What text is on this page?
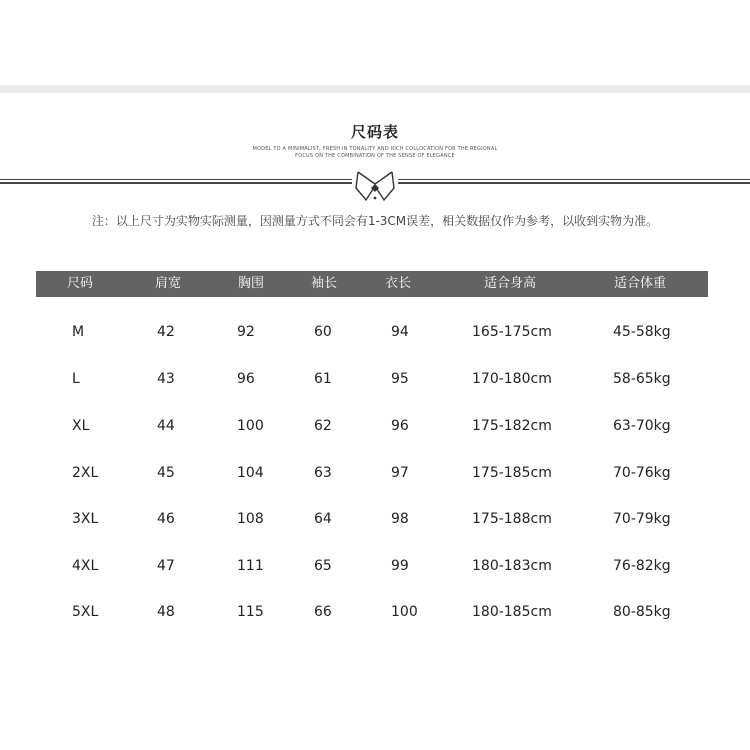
尺码表
MODEL TO A MINIMALIST, FRESH IN TONALITY AND RICH COLLOCATION FOR THE REGIONAL
FOCUS ON THE COMBINATION OF THE SENSE OF ELEGANCE
注：以上尺寸为实物实际测量，因测量方式不同会有1-3CM误差，相关数据仅作为参考，以收到实物为准。
尺码	肩宽	胸围	袖长	衣长	适合身高	适合体重
M	42	92	60	94	165-175cm	45-58kg
L	43	96	61	95	170-180cm	58-65kg
XL	44	100	62	96	175-182cm	63-70kg
2XL	45	104	63	97	175-185cm	70-76kg
3XL	46	108	64	98	175-188cm	70-79kg
4XL	47	111	65	99	180-183cm	76-82kg
5XL	48	115	66	100	180-185cm	80-85kg
